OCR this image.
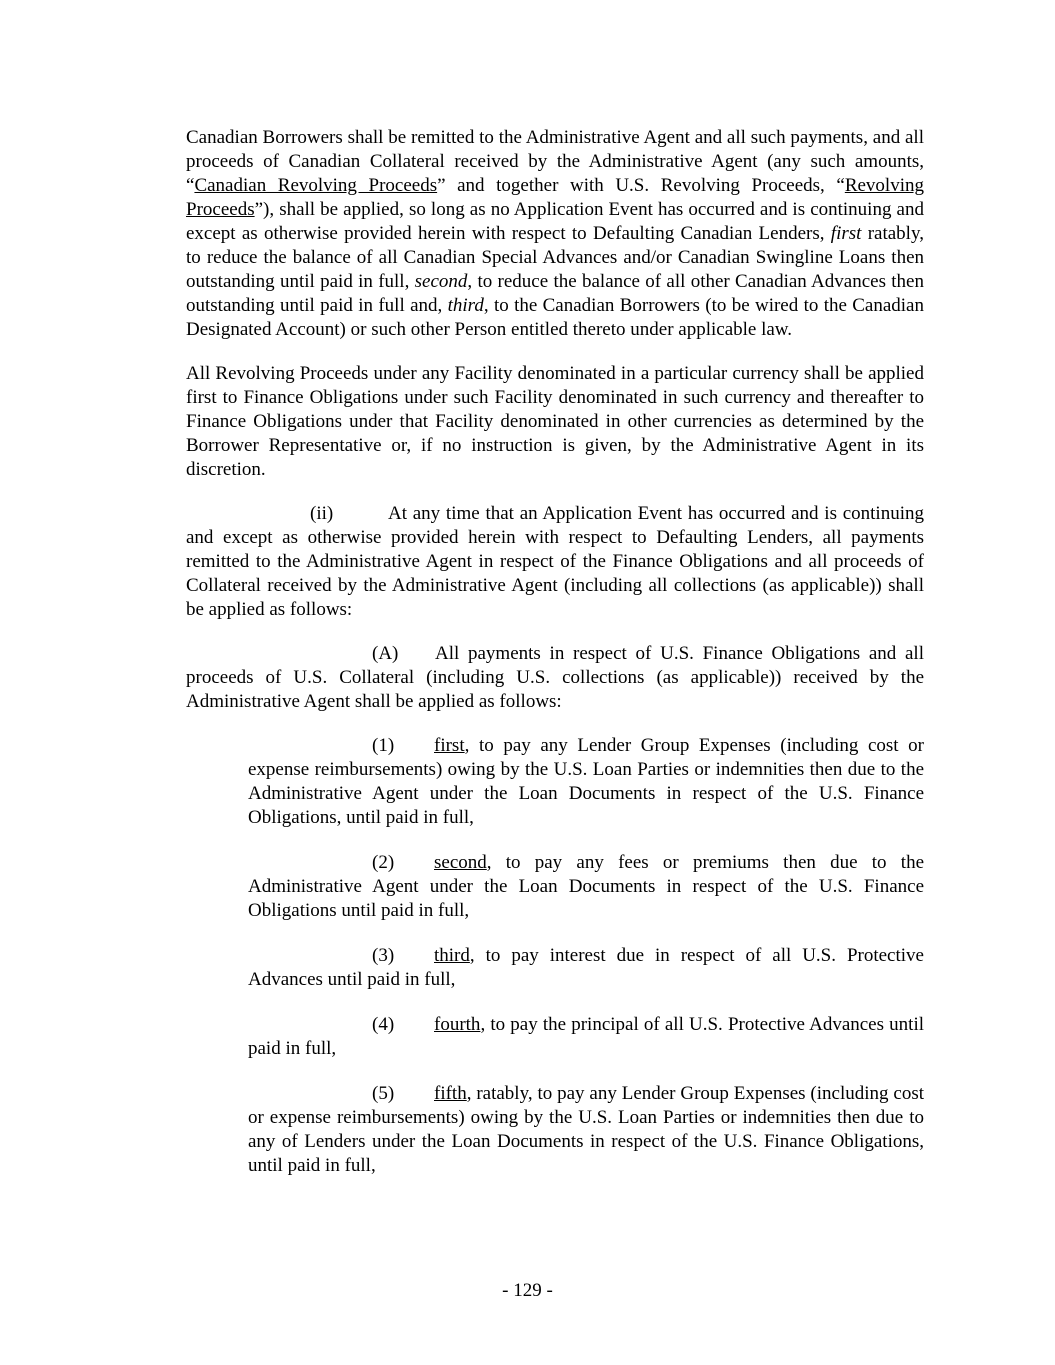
Canadian Borrowers shall be remitted to the Administrative Agent and all such payments, and all proceeds of Canadian Collateral received by the Administrative Agent (any such amounts, “Canadian Revolving Proceeds” and together with U.S. Revolving Proceeds, “Revolving Proceeds”), shall be applied, so long as no Application Event has occurred and is continuing and except as otherwise provided herein with respect to Defaulting Canadian Lenders, first ratably, to reduce the balance of all Canadian Special Advances and/or Canadian Swingline Loans then outstanding until paid in full, second, to reduce the balance of all other Canadian Advances then outstanding until paid in full and, third, to the Canadian Borrowers (to be wired to the Canadian Designated Account) or such other Person entitled thereto under applicable law.

All Revolving Proceeds under any Facility denominated in a particular currency shall be applied first to Finance Obligations under such Facility denominated in such currency and thereafter to Finance Obligations under that Facility denominated in other currencies as determined by the Borrower Representative or, if no instruction is given, by the Administrative Agent in its discretion.

(ii)	At any time that an Application Event has occurred and is continuing and except as otherwise provided herein with respect to Defaulting Lenders, all payments remitted to the Administrative Agent in respect of the Finance Obligations and all proceeds of Collateral received by the Administrative Agent (including all collections (as applicable)) shall be applied as follows:

(A) All payments in respect of U.S. Finance Obligations and all proceeds of U.S. Collateral (including U.S. collections (as applicable)) received by the Administrative Agent shall be applied as follows:

(1) first, to pay any Lender Group Expenses (including cost or expense reimbursements) owing by the U.S. Loan Parties or indemnities then due to the Administrative Agent under the Loan Documents in respect of the U.S. Finance Obligations, until paid in full,

(2) second, to pay any fees or premiums then due to the Administrative Agent under the Loan Documents in respect of the U.S. Finance Obligations until paid in full,

(3) third, to pay interest due in respect of all U.S. Protective Advances until paid in full,

(4) fourth, to pay the principal of all U.S. Protective Advances until paid in full,

(5) fifth, ratably, to pay any Lender Group Expenses (including cost or expense reimbursements) owing by the U.S. Loan Parties or indemnities then due to any of Lenders under the Loan Documents in respect of the U.S. Finance Obligations, until paid in full,

- 129 -
